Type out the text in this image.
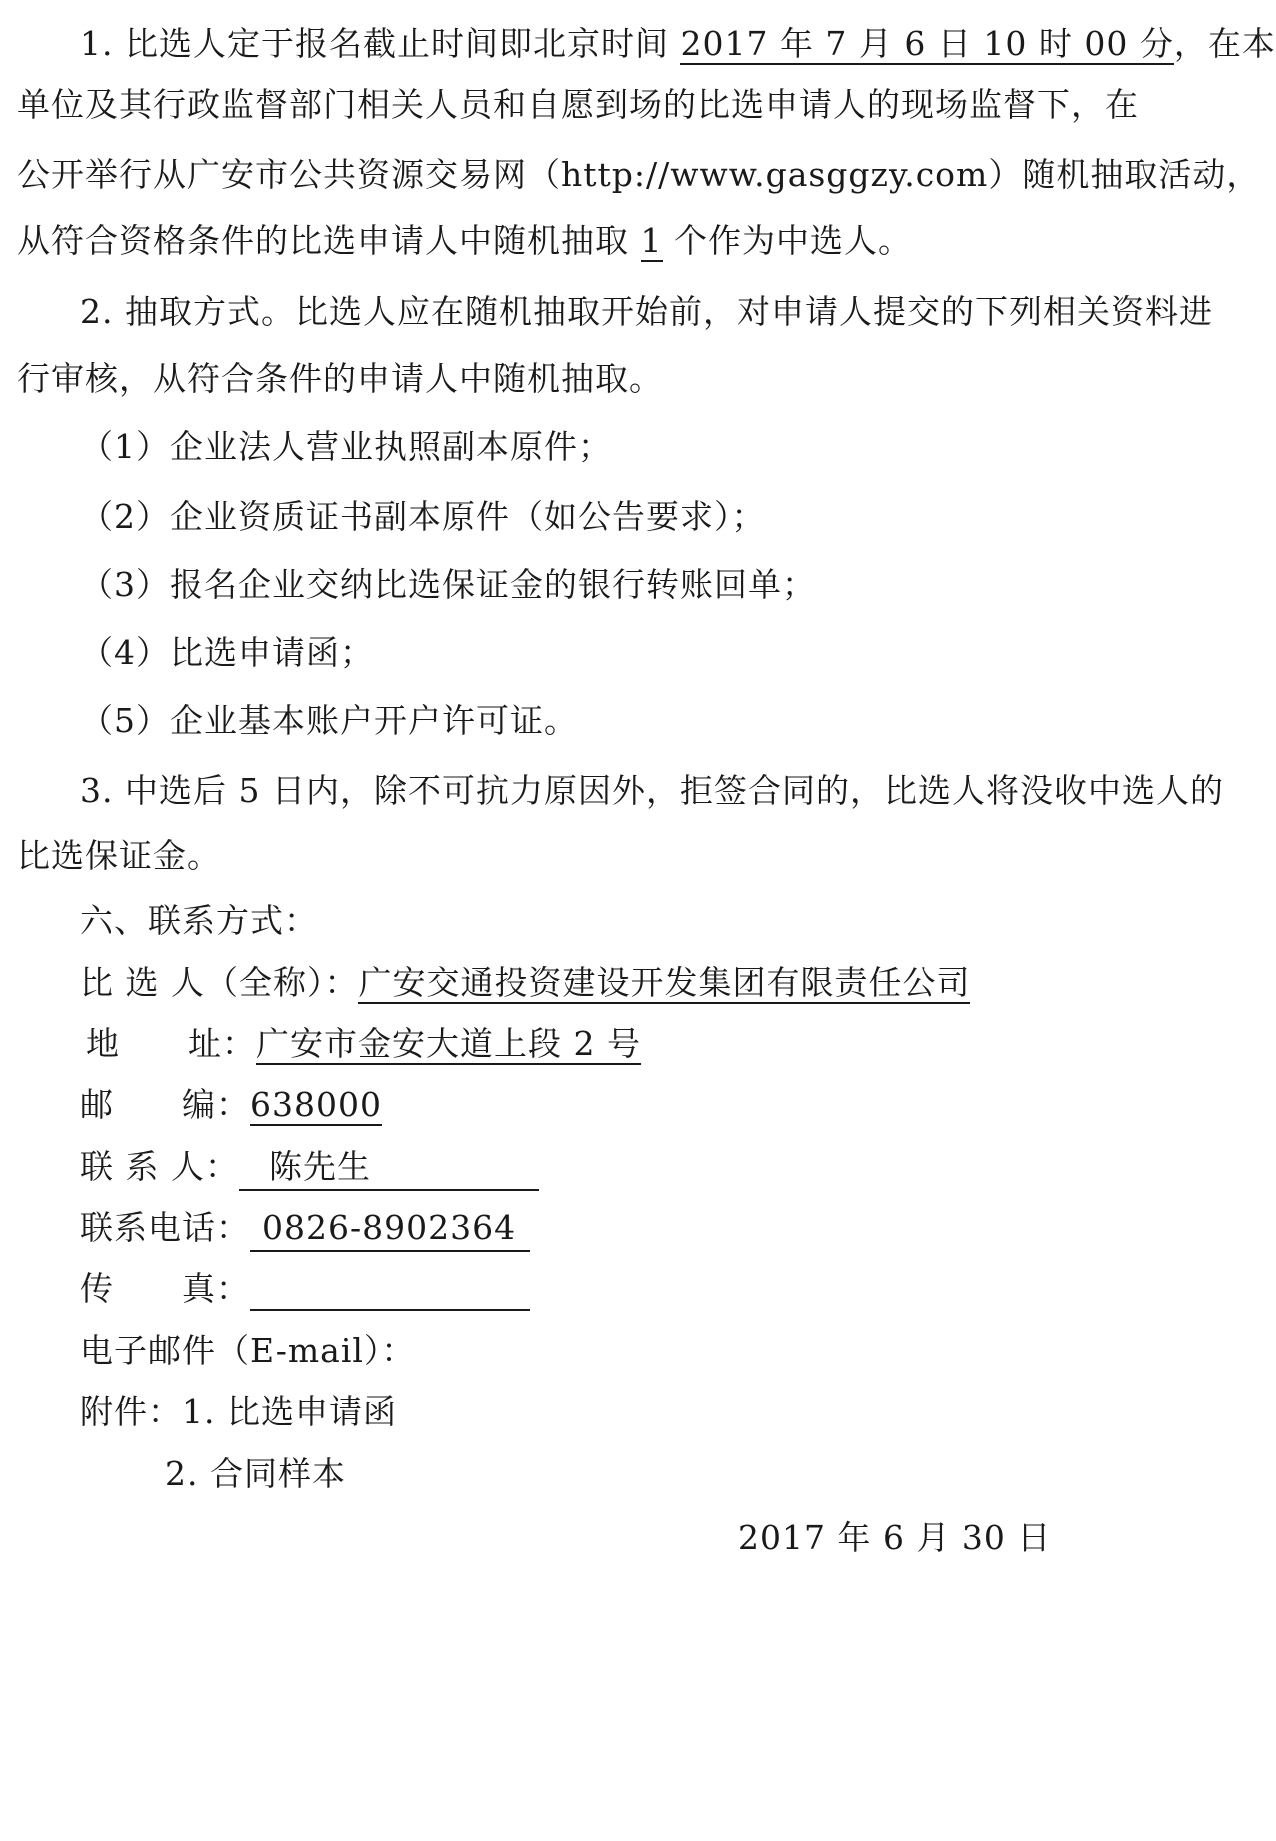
1. 比选人定于报名截止时间即北京时间 2017 年 7 月 6 日 10 时 00 分，在本
单位及其行政监督部门相关人员和自愿到场的比选申请人的现场监督下，在
公开举行从广安市公共资源交易网（http://www.gasggzy.com）随机抽取活动，
从符合资格条件的比选申请人中随机抽取 1 个作为中选人。
2. 抽取方式。比选人应在随机抽取开始前，对申请人提交的下列相关资料进
行审核，从符合条件的申请人中随机抽取。
（1）企业法人营业执照副本原件；
（2）企业资质证书副本原件（如公告要求）；
（3）报名企业交纳比选保证金的银行转账回单；
（4）比选申请函；
（5）企业基本账户开户许可证。
3. 中选后 5 日内，除不可抗力原因外，拒签合同的，比选人将没收中选人的
比选保证金。
六、联系方式：
比 选 人（全称）：广安交通投资建设开发集团有限责任公司
地　　址：广安市金安大道上段 2 号
邮　　编：638000
联 系 人： 陈先生
联系电话： 0826-8902364
传　　真：
电子邮件（E-mail）：
附件：1. 比选申请函
2. 合同样本
2017 年 6 月 30 日
